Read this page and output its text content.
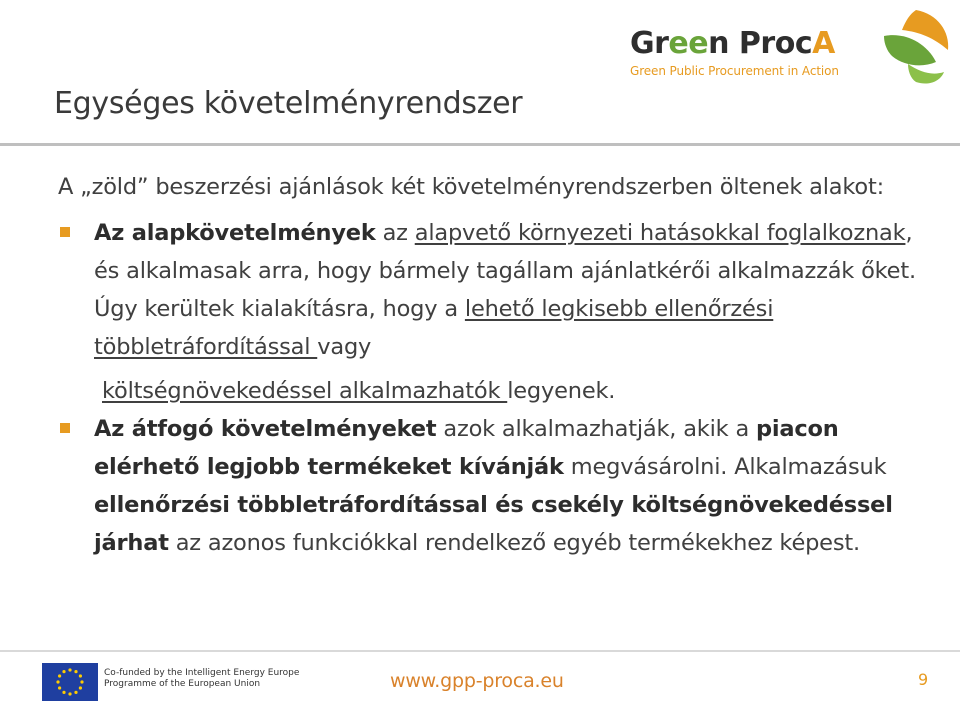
Egységes követelményrendszer
Green ProcA
Green Public Procurement in Action

A „zöld” beszerzési ajánlások két követelményrendszerben öltenek alakot:

Az alapkövetelmények az alapvető környezeti hatásokkal foglalkoznak, és alkalmasak arra, hogy bármely tagállam ajánlatkérői alkalmazzák őket. Úgy kerültek kialakításra, hogy a lehető legkisebb ellenőrzési többletráfordítással vagy
költségnövekedéssel alkalmazhatók legyenek.

Az átfogó követelményeket azok alkalmazhatják, akik a piacon elérhető legjobb termékeket kívánják megvásárolni. Alkalmazásuk ellenőrzési többletráfordítással és csekély költségnövekedéssel járhat az azonos funkciókkal rendelkező egyéb termékekhez képest.

Co-funded by the Intelligent Energy Europe
Programme of the European Union	www.gpp-proca.eu	9
